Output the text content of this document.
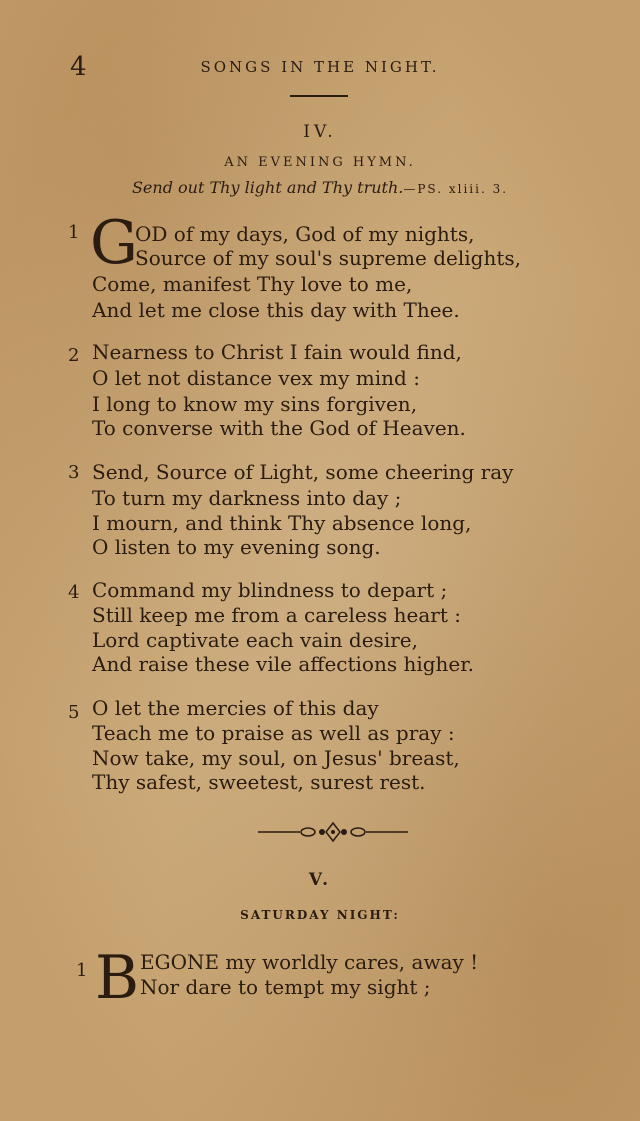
4	SONGS IN THE NIGHT.
IV.
AN EVENING HYMN.
Send out Thy light and Thy truth.—PS. xliii. 3.
1 G
OD of my days, God of my nights,
Source of my soul's supreme delights,
Come, manifest Thy love to me,
And let me close this day with Thee.
2 Nearness to Christ I fain would find,
O let not distance vex my mind :
I long to know my sins forgiven,
To converse with the God of Heaven.
3 Send, Source of Light, some cheering ray
To turn my darkness into day ;
I mourn, and think Thy absence long,
O listen to my evening song.
4 Command my blindness to depart ;
Still keep me from a careless heart :
Lord captivate each vain desire,
And raise these vile affections higher.
5 O let the mercies of this day
Teach me to praise as well as pray :
Now take, my soul, on Jesus' breast,
Thy safest, sweetest, surest rest.
V.
SATURDAY NIGHT:
1 B EGONE my worldly cares, away !
Nor dare to tempt my sight ;
